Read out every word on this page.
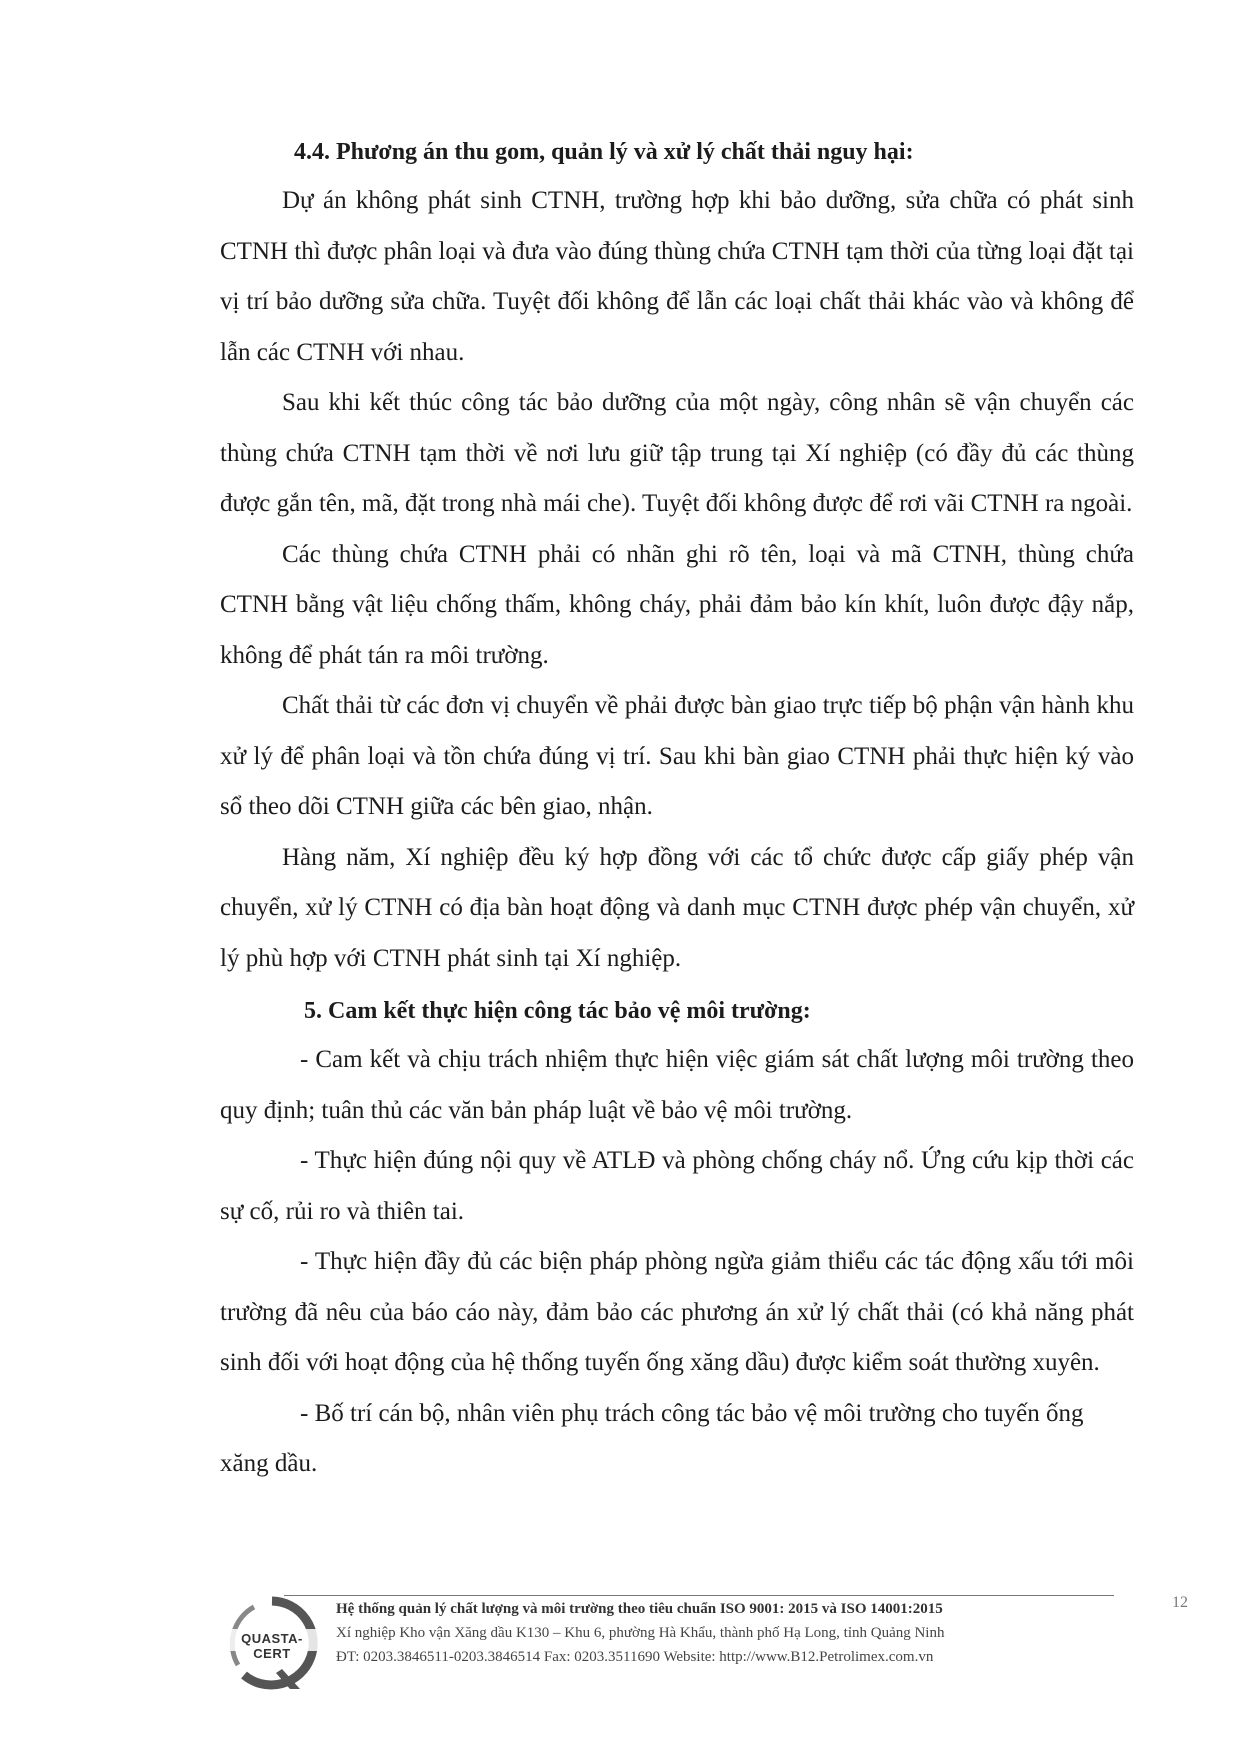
4.4. Phương án thu gom, quản lý và xử lý chất thải nguy hại:

Dự án không phát sinh CTNH, trường hợp khi bảo dưỡng, sửa chữa có phát sinh CTNH thì được phân loại và đưa vào đúng thùng chứa CTNH tạm thời của từng loại đặt tại vị trí bảo dưỡng sửa chữa. Tuyệt đối không để lẫn các loại chất thải khác vào và không để lẫn các CTNH với nhau.

Sau khi kết thúc công tác bảo dưỡng của một ngày, công nhân sẽ vận chuyển các thùng chứa CTNH tạm thời về nơi lưu giữ tập trung tại Xí nghiệp (có đầy đủ các thùng được gắn tên, mã, đặt trong nhà mái che). Tuyệt đối không được để rơi vãi CTNH ra ngoài.

Các thùng chứa CTNH phải có nhãn ghi rõ tên, loại và mã CTNH, thùng chứa CTNH bằng vật liệu chống thấm, không cháy, phải đảm bảo kín khít, luôn được đậy nắp, không để phát tán ra môi trường.

Chất thải từ các đơn vị chuyển về phải được bàn giao trực tiếp bộ phận vận hành khu xử lý để phân loại và tồn chứa đúng vị trí. Sau khi bàn giao CTNH phải thực hiện ký vào sổ theo dõi CTNH giữa các bên giao, nhận.

Hàng năm, Xí nghiệp đều ký hợp đồng với các tổ chức được cấp giấy phép vận chuyển, xử lý CTNH có địa bàn hoạt động và danh mục CTNH được phép vận chuyển, xử lý phù hợp với CTNH phát sinh tại Xí nghiệp.

5. Cam kết thực hiện công tác bảo vệ môi trường:

- Cam kết và chịu trách nhiệm thực hiện việc giám sát chất lượng môi trường theo quy định; tuân thủ các văn bản pháp luật về bảo vệ môi trường.

- Thực hiện đúng nội quy về ATLĐ và phòng chống cháy nổ. Ứng cứu kịp thời các sự cố, rủi ro và thiên tai.

- Thực hiện đầy đủ các biện pháp phòng ngừa giảm thiểu các tác động xấu tới môi trường đã nêu của báo cáo này, đảm bảo các phương án xử lý chất thải (có khả năng phát sinh đối với hoạt động của hệ thống tuyến ống xăng dầu) được kiểm soát thường xuyên.

- Bố trí cán bộ, nhân viên phụ trách công tác bảo vệ môi trường cho tuyến ống xăng dầu.

QUASTA-CERT
Hệ thống quản lý chất lượng và môi trường theo tiêu chuẩn ISO 9001: 2015 và ISO 14001:2015
Xí nghiệp Kho vận Xăng dầu K130 – Khu 6, phường Hà Khẩu, thành phố Hạ Long, tỉnh Quảng Ninh
ĐT: 0203.3846511-0203.3846514 Fax: 0203.3511690 Website: http://www.B12.Petrolimex.com.vn
12
